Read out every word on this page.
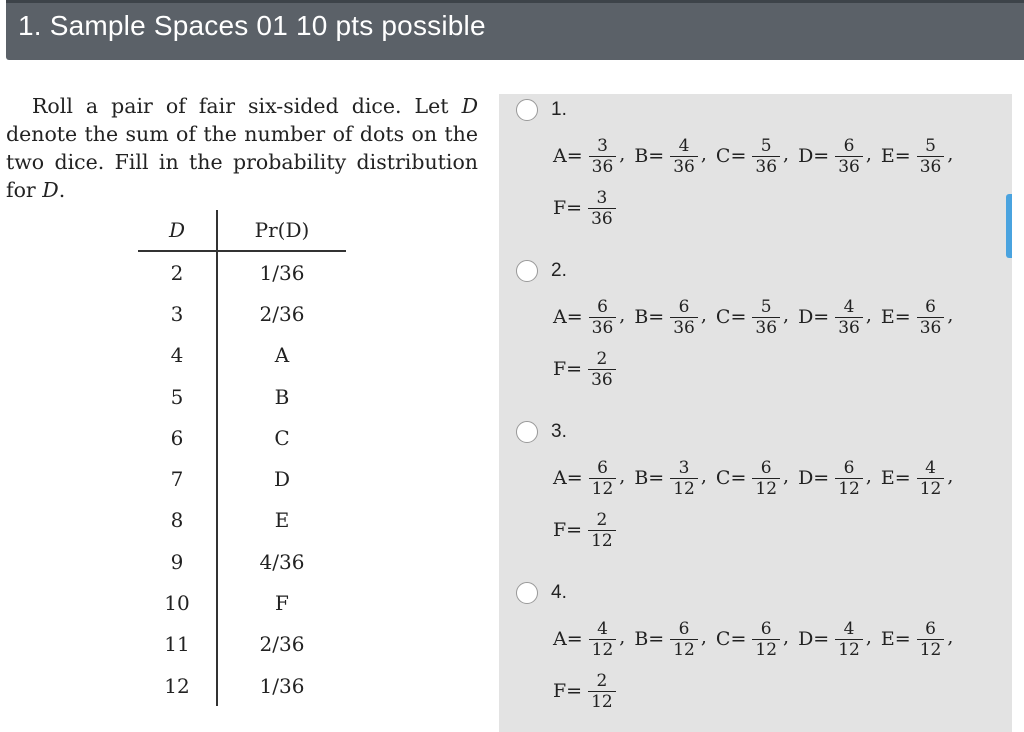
1. Sample Spaces 01 10 pts possible
Roll a pair of fair six-sided dice. Let D denote the sum of the number of dots on the two dice. Fill in the probability distribution for D.
D	Pr(D)
2	1/36
3	2/36
4	A
5	B
6	C
7	D
8	E
9	4/36
10	F
11	2/36
12	1/36
1.
$A= \frac{3}{36}$ , $B= \frac{4}{36}$ , $C= \frac{5}{36}$ , $D= \frac{6}{36}$ , $E= \frac{5}{36}$ ,
$F= \frac{3}{36}$
2.
$A= \frac{6}{36}$ , $B= \frac{6}{36}$ , $C= \frac{5}{36}$ , $D= \frac{4}{36}$ , $E= \frac{6}{36}$ ,
$F= \frac{2}{36}$
3.
$A= \frac{6}{12}$ , $B= \frac{3}{12}$ , $C= \frac{6}{12}$ , $D= \frac{6}{12}$ , $E= \frac{4}{12}$ ,
$F= \frac{2}{12}$
4.
$A= \frac{4}{12}$ , $B= \frac{6}{12}$ , $C= \frac{6}{12}$ , $D= \frac{4}{12}$ , $E= \frac{6}{12}$ ,
$F= \frac{2}{12}$
